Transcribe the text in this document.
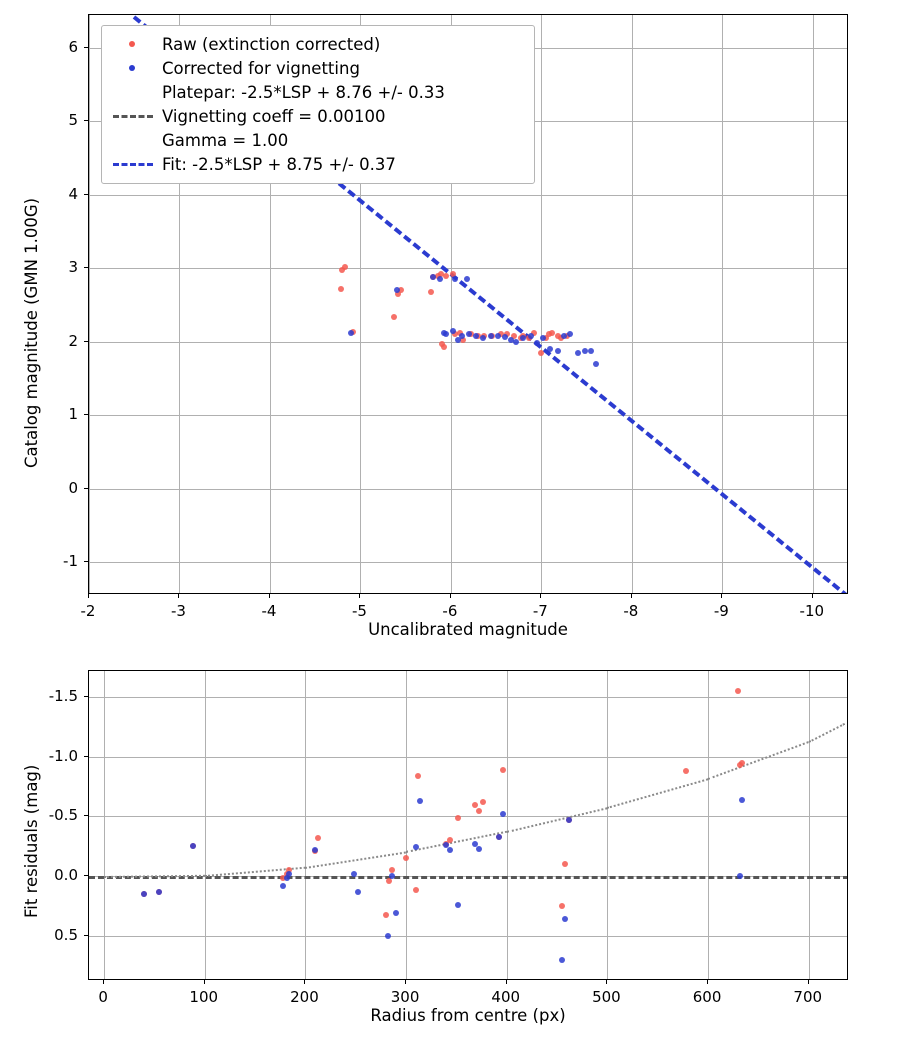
Uncalibrated magnitude
Catalog magnitude (GMN 1.00G)
Raw (extinction corrected)
Corrected for vignetting
Platepar: -2.5*LSP + 8.76 +/- 0.33
Vignetting coeff = 0.00100
Gamma = 1.00
Fit: -2.5*LSP + 8.75 +/- 0.37
-2	-3	-4	-5	-6	-7	-8	-9	-10
-1
0
1
2
3
4
5
6
Radius from centre (px)
Fit residuals (mag)
0	100	200	300	400	500	600	700
-1.5
-1.0
-0.5
0.0
0.5
